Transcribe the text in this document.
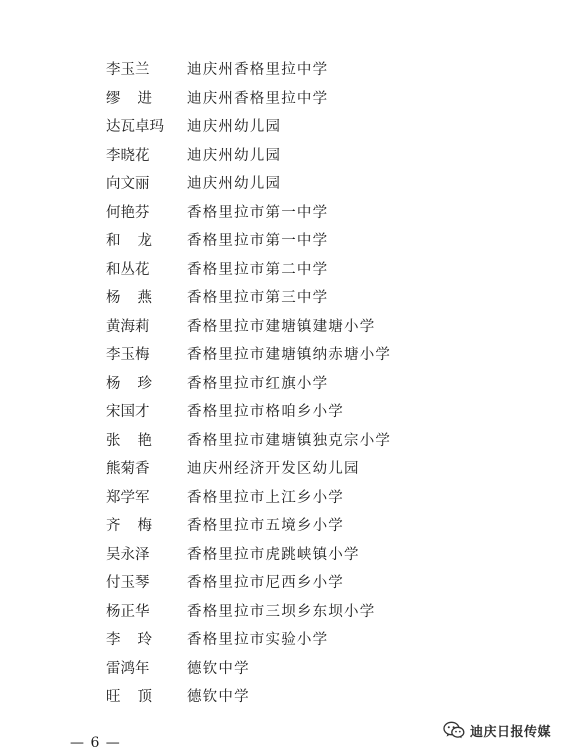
李玉兰	迪庆州香格里拉中学
缪 进 迪庆州香格里拉中学
达瓦卓玛 迪庆州幼儿园
李晓花	迪庆州幼儿园
向文丽	迪庆州幼儿园
何艳芬	香格里拉市第一中学
和 龙 香格里拉市第一中学
和丛花	香格里拉市第二中学
杨 燕 香格里拉市第三中学
黄海莉	香格里拉市建塘镇建塘小学
李玉梅	香格里拉市建塘镇纳赤塘小学
杨 珍 香格里拉市红旗小学
宋国才	香格里拉市格咱乡小学
张 艳 香格里拉市建塘镇独克宗小学
熊菊香	迪庆州经济开发区幼儿园
郑学军	香格里拉市上江乡小学
齐 梅 香格里拉市五境乡小学
吴永泽	香格里拉市虎跳峡镇小学
付玉琴	香格里拉市尼西乡小学
杨正华	香格里拉市三坝乡东坝小学
李 玲 香格里拉市实验小学
雷鸿年	德钦中学
旺 顶 德钦中学
— 6 —
迪庆日报传媒
